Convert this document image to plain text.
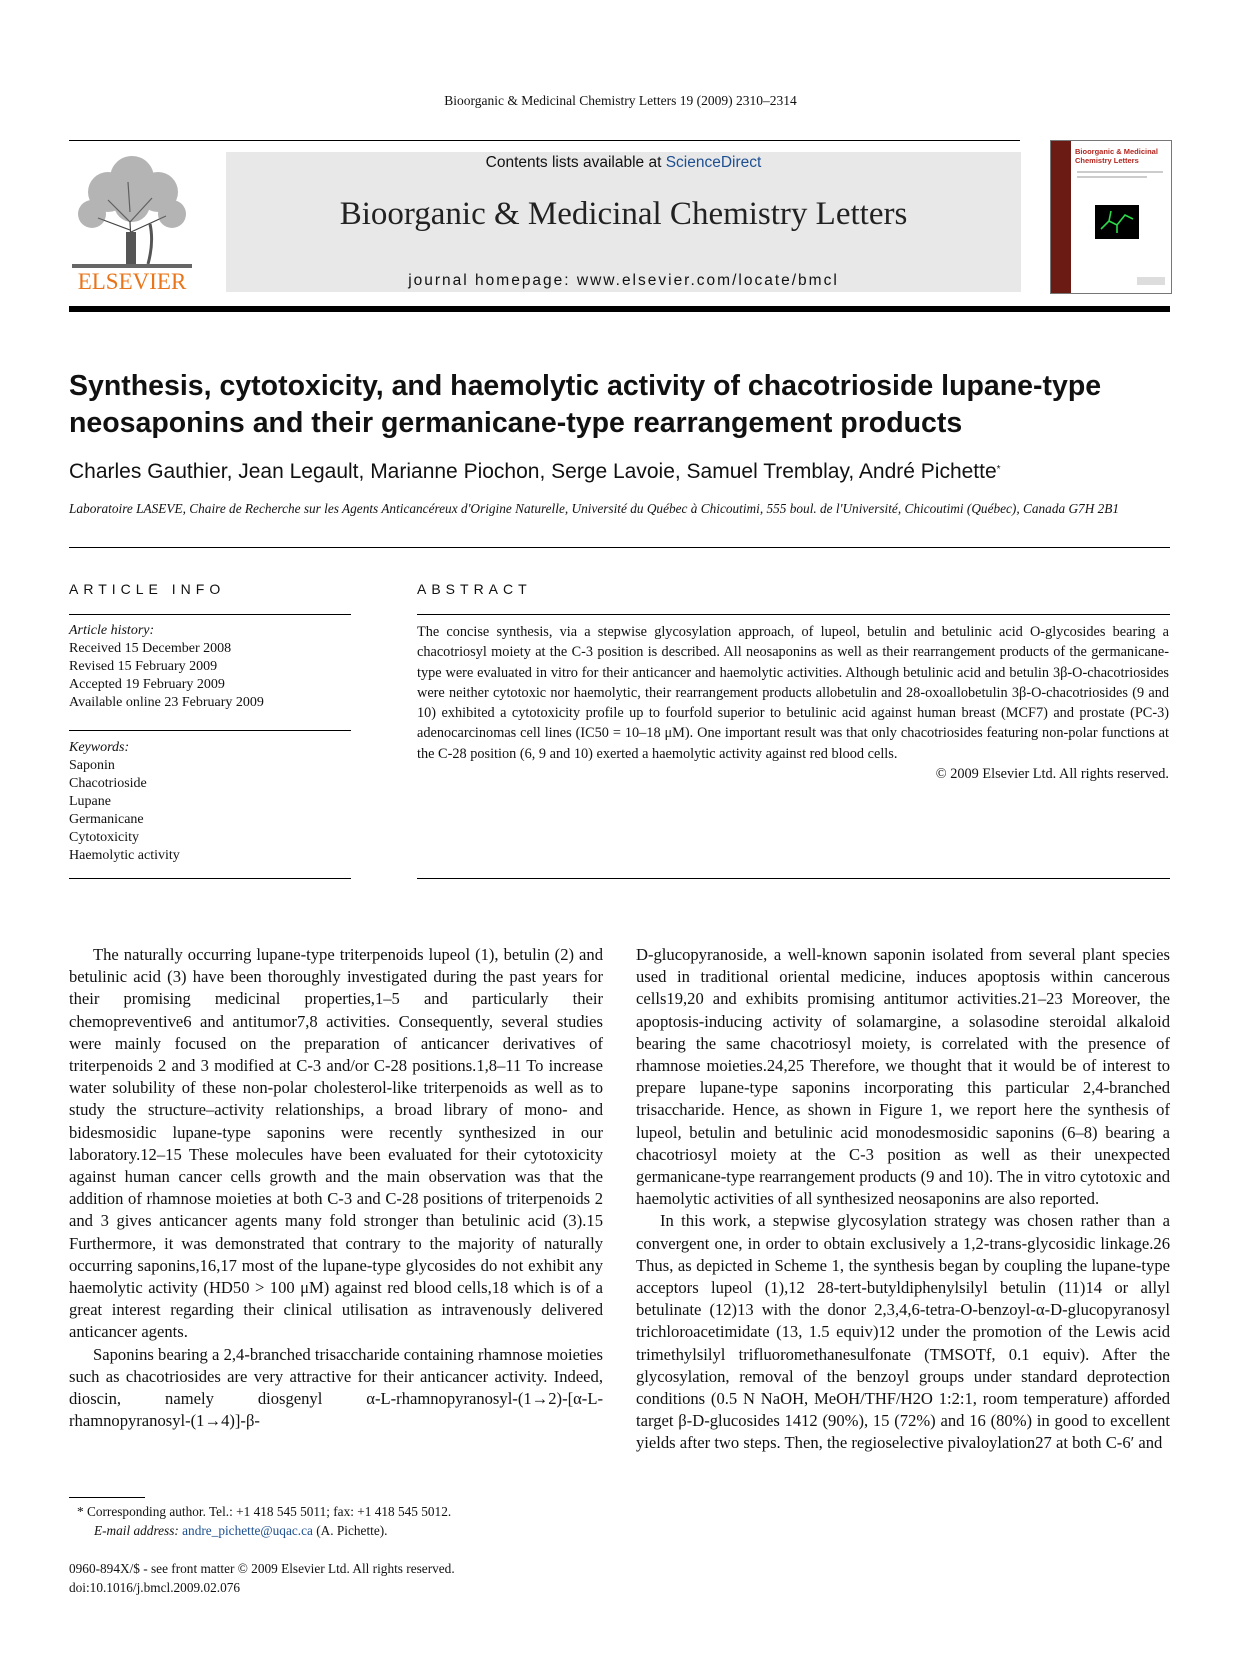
Bioorganic & Medicinal Chemistry Letters 19 (2009) 2310–2314
ELSEVIER
Contents lists available at ScienceDirect
Bioorganic & Medicinal Chemistry Letters
journal homepage: www.elsevier.com/locate/bmcl
Bioorganic & Medicinal Chemistry Letters
Synthesis, cytotoxicity, and haemolytic activity of chacotrioside lupane-type neosaponins and their germanicane-type rearrangement products
Charles Gauthier, Jean Legault, Marianne Piochon, Serge Lavoie, Samuel Tremblay, André Pichette*
Laboratoire LASEVE, Chaire de Recherche sur les Agents Anticancéreux d'Origine Naturelle, Université du Québec à Chicoutimi, 555 boul. de l'Université, Chicoutimi (Québec), Canada G7H 2B1
ARTICLE INFO
Article history:
Received 15 December 2008
Revised 15 February 2009
Accepted 19 February 2009
Available online 23 February 2009
Keywords:
Saponin
Chacotrioside
Lupane
Germanicane
Cytotoxicity
Haemolytic activity
ABSTRACT
The concise synthesis, via a stepwise glycosylation approach, of lupeol, betulin and betulinic acid O-glycosides bearing a chacotriosyl moiety at the C-3 position is described. All neosaponins as well as their rearrangement products of the germanicane-type were evaluated in vitro for their anticancer and haemolytic activities. Although betulinic acid and betulin 3β-O-chacotriosides were neither cytotoxic nor haemolytic, their rearrangement products allobetulin and 28-oxoallobetulin 3β-O-chacotriosides (9 and 10) exhibited a cytotoxicity profile up to fourfold superior to betulinic acid against human breast (MCF7) and prostate (PC-3) adenocarcinomas cell lines (IC50 = 10–18 μM). One important result was that only chacotriosides featuring non-polar functions at the C-28 position (6, 9 and 10) exerted a haemolytic activity against red blood cells.
© 2009 Elsevier Ltd. All rights reserved.

The naturally occurring lupane-type triterpenoids lupeol (1), betulin (2) and betulinic acid (3) have been thoroughly investigated during the past years for their promising medicinal properties,1–5 and particularly their chemopreventive6 and antitumor7,8 activities. Consequently, several studies were mainly focused on the preparation of anticancer derivatives of triterpenoids 2 and 3 modified at C-3 and/or C-28 positions.1,8–11 To increase water solubility of these non-polar cholesterol-like triterpenoids as well as to study the structure–activity relationships, a broad library of mono- and bidesmosidic lupane-type saponins were recently synthesized in our laboratory.12–15 These molecules have been evaluated for their cytotoxicity against human cancer cells growth and the main observation was that the addition of rhamnose moieties at both C-3 and C-28 positions of triterpenoids 2 and 3 gives anticancer agents many fold stronger than betulinic acid (3).15 Furthermore, it was demonstrated that contrary to the majority of naturally occurring saponins,16,17 most of the lupane-type glycosides do not exhibit any haemolytic activity (HD50 > 100 μM) against red blood cells,18 which is of a great interest regarding their clinical utilisation as intravenously delivered anticancer agents.

Saponins bearing a 2,4-branched trisaccharide containing rhamnose moieties such as chacotriosides are very attractive for their anticancer activity. Indeed, dioscin, namely diosgenyl α-L-rhamnopyranosyl-(1→2)-[α-L-rhamnopyranosyl-(1→4)]-β-

D-glucopyranoside, a well-known saponin isolated from several plant species used in traditional oriental medicine, induces apoptosis within cancerous cells19,20 and exhibits promising antitumor activities.21–23 Moreover, the apoptosis-inducing activity of solamargine, a solasodine steroidal alkaloid bearing the same chacotriosyl moiety, is correlated with the presence of rhamnose moieties.24,25 Therefore, we thought that it would be of interest to prepare lupane-type saponins incorporating this particular 2,4-branched trisaccharide. Hence, as shown in Figure 1, we report here the synthesis of lupeol, betulin and betulinic acid monodesmosidic saponins (6–8) bearing a chacotriosyl moiety at the C-3 position as well as their unexpected germanicane-type rearrangement products (9 and 10). The in vitro cytotoxic and haemolytic activities of all synthesized neosaponins are also reported.

In this work, a stepwise glycosylation strategy was chosen rather than a convergent one, in order to obtain exclusively a 1,2-trans-glycosidic linkage.26 Thus, as depicted in Scheme 1, the synthesis began by coupling the lupane-type acceptors lupeol (1),12 28-tert-butyldiphenylsilyl betulin (11)14 or allyl betulinate (12)13 with the donor 2,3,4,6-tetra-O-benzoyl-α-D-glucopyranosyl trichloroacetimidate (13, 1.5 equiv)12 under the promotion of the Lewis acid trimethylsilyl trifluoromethanesulfonate (TMSOTf, 0.1 equiv). After the glycosylation, removal of the benzoyl groups under standard deprotection conditions (0.5 N NaOH, MeOH/THF/H2O 1:2:1, room temperature) afforded target β-D-glucosides 1412 (90%), 15 (72%) and 16 (80%) in good to excellent yields after two steps. Then, the regioselective pivaloylation27 at both C-6′ and

* Corresponding author. Tel.: +1 418 545 5011; fax: +1 418 545 5012.
E-mail address: andre_pichette@uqac.ca (A. Pichette).
0960-894X/$ - see front matter © 2009 Elsevier Ltd. All rights reserved.
doi:10.1016/j.bmcl.2009.02.076
